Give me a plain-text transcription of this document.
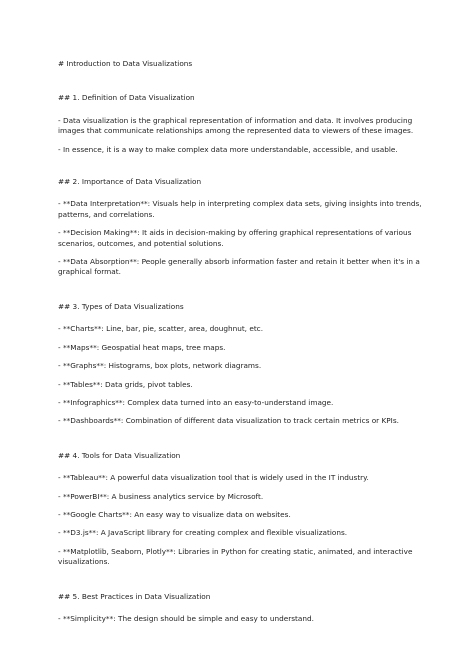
# Introduction to Data Visualizations

## 1. Definition of Data Visualization

- Data visualization is the graphical representation of information and data. It involves producing images that communicate relationships among the represented data to viewers of these images.

- In essence, it is a way to make complex data more understandable, accessible, and usable.

## 2. Importance of Data Visualization

- **Data Interpretation**: Visuals help in interpreting complex data sets, giving insights into trends, patterns, and correlations.

- **Decision Making**: It aids in decision-making by offering graphical representations of various scenarios, outcomes, and potential solutions.

- **Data Absorption**: People generally absorb information faster and retain it better when it's in a graphical format.

## 3. Types of Data Visualizations

- **Charts**: Line, bar, pie, scatter, area, doughnut, etc.

- **Maps**: Geospatial heat maps, tree maps.

- **Graphs**: Histograms, box plots, network diagrams.

- **Tables**: Data grids, pivot tables.

- **Infographics**: Complex data turned into an easy-to-understand image.

- **Dashboards**: Combination of different data visualization to track certain metrics or KPIs.

## 4. Tools for Data Visualization

- **Tableau**: A powerful data visualization tool that is widely used in the IT industry.

- **PowerBI**: A business analytics service by Microsoft.

- **Google Charts**: An easy way to visualize data on websites.

- **D3.js**: A JavaScript library for creating complex and flexible visualizations.

- **Matplotlib, Seaborn, Plotly**: Libraries in Python for creating static, animated, and interactive visualizations.

## 5. Best Practices in Data Visualization

- **Simplicity**: The design should be simple and easy to understand.
